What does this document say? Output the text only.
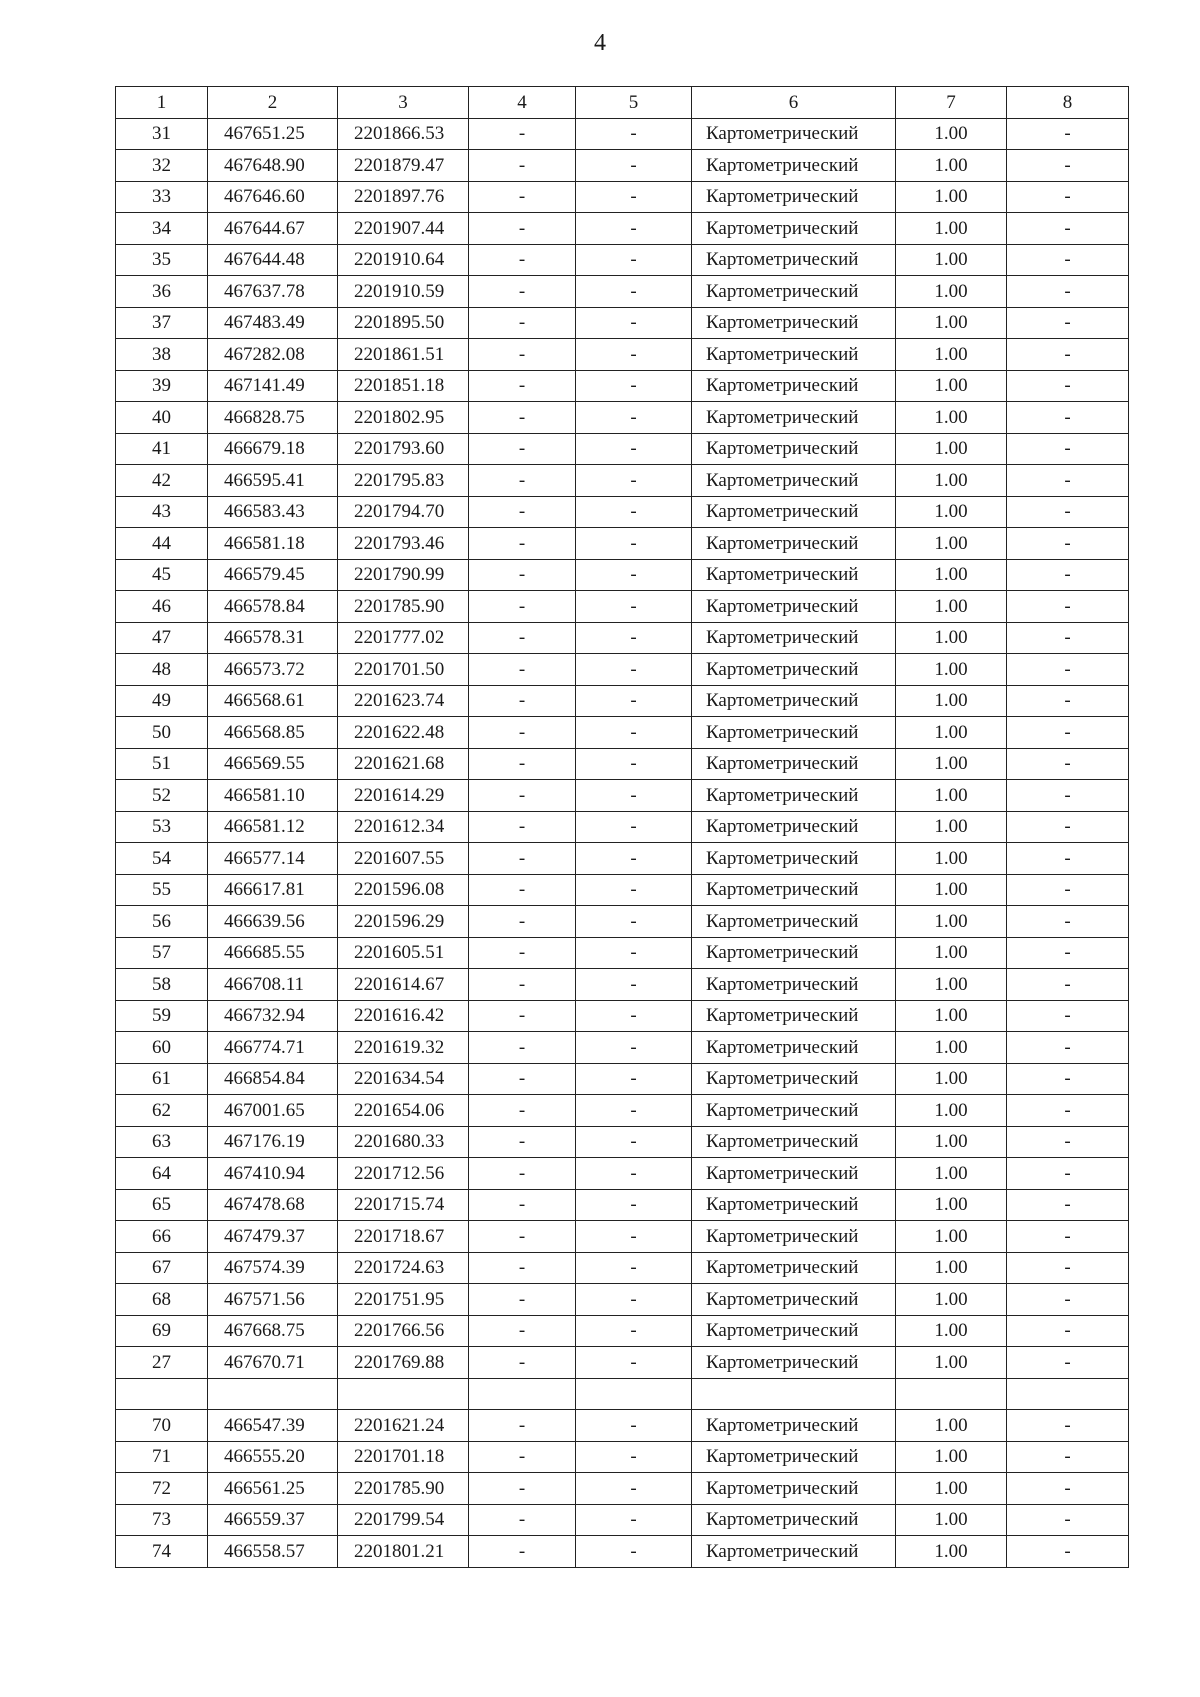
4
1	2	3	4	5	6	7	8
31	467651.25	2201866.53	-	-	Картометрический	1.00	-
32	467648.90	2201879.47	-	-	Картометрический	1.00	-
33	467646.60	2201897.76	-	-	Картометрический	1.00	-
34	467644.67	2201907.44	-	-	Картометрический	1.00	-
35	467644.48	2201910.64	-	-	Картометрический	1.00	-
36	467637.78	2201910.59	-	-	Картометрический	1.00	-
37	467483.49	2201895.50	-	-	Картометрический	1.00	-
38	467282.08	2201861.51	-	-	Картометрический	1.00	-
39	467141.49	2201851.18	-	-	Картометрический	1.00	-
40	466828.75	2201802.95	-	-	Картометрический	1.00	-
41	466679.18	2201793.60	-	-	Картометрический	1.00	-
42	466595.41	2201795.83	-	-	Картометрический	1.00	-
43	466583.43	2201794.70	-	-	Картометрический	1.00	-
44	466581.18	2201793.46	-	-	Картометрический	1.00	-
45	466579.45	2201790.99	-	-	Картометрический	1.00	-
46	466578.84	2201785.90	-	-	Картометрический	1.00	-
47	466578.31	2201777.02	-	-	Картометрический	1.00	-
48	466573.72	2201701.50	-	-	Картометрический	1.00	-
49	466568.61	2201623.74	-	-	Картометрический	1.00	-
50	466568.85	2201622.48	-	-	Картометрический	1.00	-
51	466569.55	2201621.68	-	-	Картометрический	1.00	-
52	466581.10	2201614.29	-	-	Картометрический	1.00	-
53	466581.12	2201612.34	-	-	Картометрический	1.00	-
54	466577.14	2201607.55	-	-	Картометрический	1.00	-
55	466617.81	2201596.08	-	-	Картометрический	1.00	-
56	466639.56	2201596.29	-	-	Картометрический	1.00	-
57	466685.55	2201605.51	-	-	Картометрический	1.00	-
58	466708.11	2201614.67	-	-	Картометрический	1.00	-
59	466732.94	2201616.42	-	-	Картометрический	1.00	-
60	466774.71	2201619.32	-	-	Картометрический	1.00	-
61	466854.84	2201634.54	-	-	Картометрический	1.00	-
62	467001.65	2201654.06	-	-	Картометрический	1.00	-
63	467176.19	2201680.33	-	-	Картометрический	1.00	-
64	467410.94	2201712.56	-	-	Картометрический	1.00	-
65	467478.68	2201715.74	-	-	Картометрический	1.00	-
66	467479.37	2201718.67	-	-	Картометрический	1.00	-
67	467574.39	2201724.63	-	-	Картометрический	1.00	-
68	467571.56	2201751.95	-	-	Картометрический	1.00	-
69	467668.75	2201766.56	-	-	Картометрический	1.00	-
27	467670.71	2201769.88	-	-	Картометрический	1.00	-

70	466547.39	2201621.24	-	-	Картометрический	1.00	-
71	466555.20	2201701.18	-	-	Картометрический	1.00	-
72	466561.25	2201785.90	-	-	Картометрический	1.00	-
73	466559.37	2201799.54	-	-	Картометрический	1.00	-
74	466558.57	2201801.21	-	-	Картометрический	1.00	-
